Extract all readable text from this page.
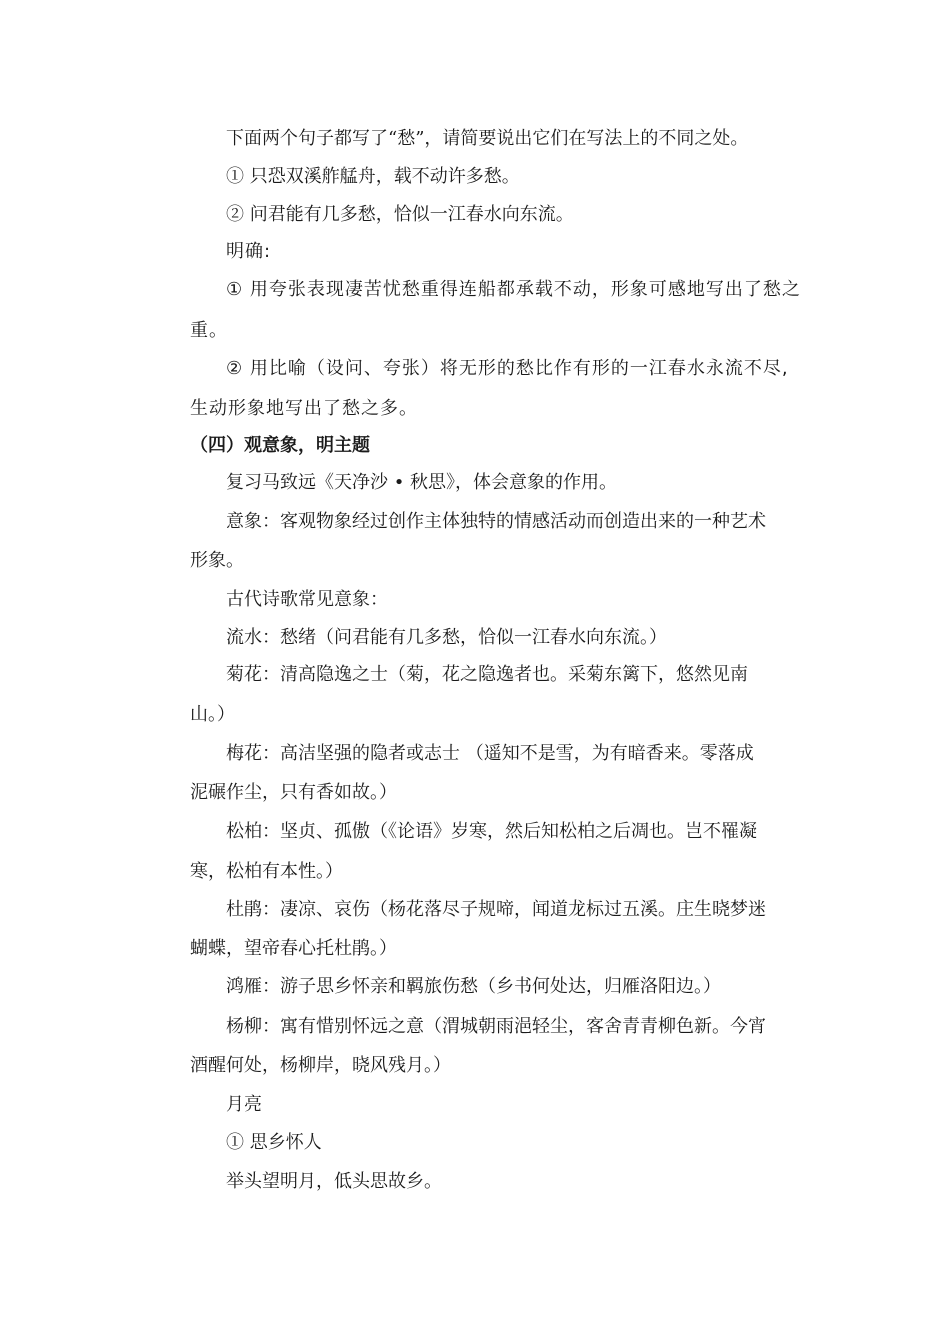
下面两个句子都写了“愁”，请简要说出它们在写法上的不同之处。
① 只恐双溪舴艋舟，载不动许多愁。
② 问君能有几多愁，恰似一江春水向东流。
明确:
① 用夸张表现凄苦忧愁重得连船都承载不动，形象可感地写出了愁之
重。
② 用比喻（设问、夸张）将无形的愁比作有形的一江春水永流不尽,
生动形象地写出了愁之多。
（四）观意象，明主题
复习马致远《天净沙 • 秋思》，体会意象的作用。
意象：客观物象经过创作主体独特的情感活动而创造出来的一种艺术
形象。
古代诗歌常见意象：
流水：愁绪（问君能有几多愁，恰似一江春水向东流。）
菊花：清高隐逸之士（菊，花之隐逸者也。采菊东篱下，悠然见南
山。）
梅花：高洁坚强的隐者或志士 （遥知不是雪，为有暗香来。零落成
泥碾作尘，只有香如故。）
松柏：坚贞、孤傲（《论语》岁寒，然后知松柏之后凋也。岂不罹凝
寒，松柏有本性。）
杜鹃：凄凉、哀伤（杨花落尽子规啼，闻道龙标过五溪。庄生晓梦迷
蝴蝶，望帝春心托杜鹃。）
鸿雁：游子思乡怀亲和羁旅伤愁（乡书何处达，归雁洛阳边。）
杨柳：寓有惜别怀远之意（渭城朝雨浥轻尘，客舍青青柳色新。今宵
酒醒何处，杨柳岸，晓风残月。）
月亮
① 思乡怀人
举头望明月，低头思故乡。
